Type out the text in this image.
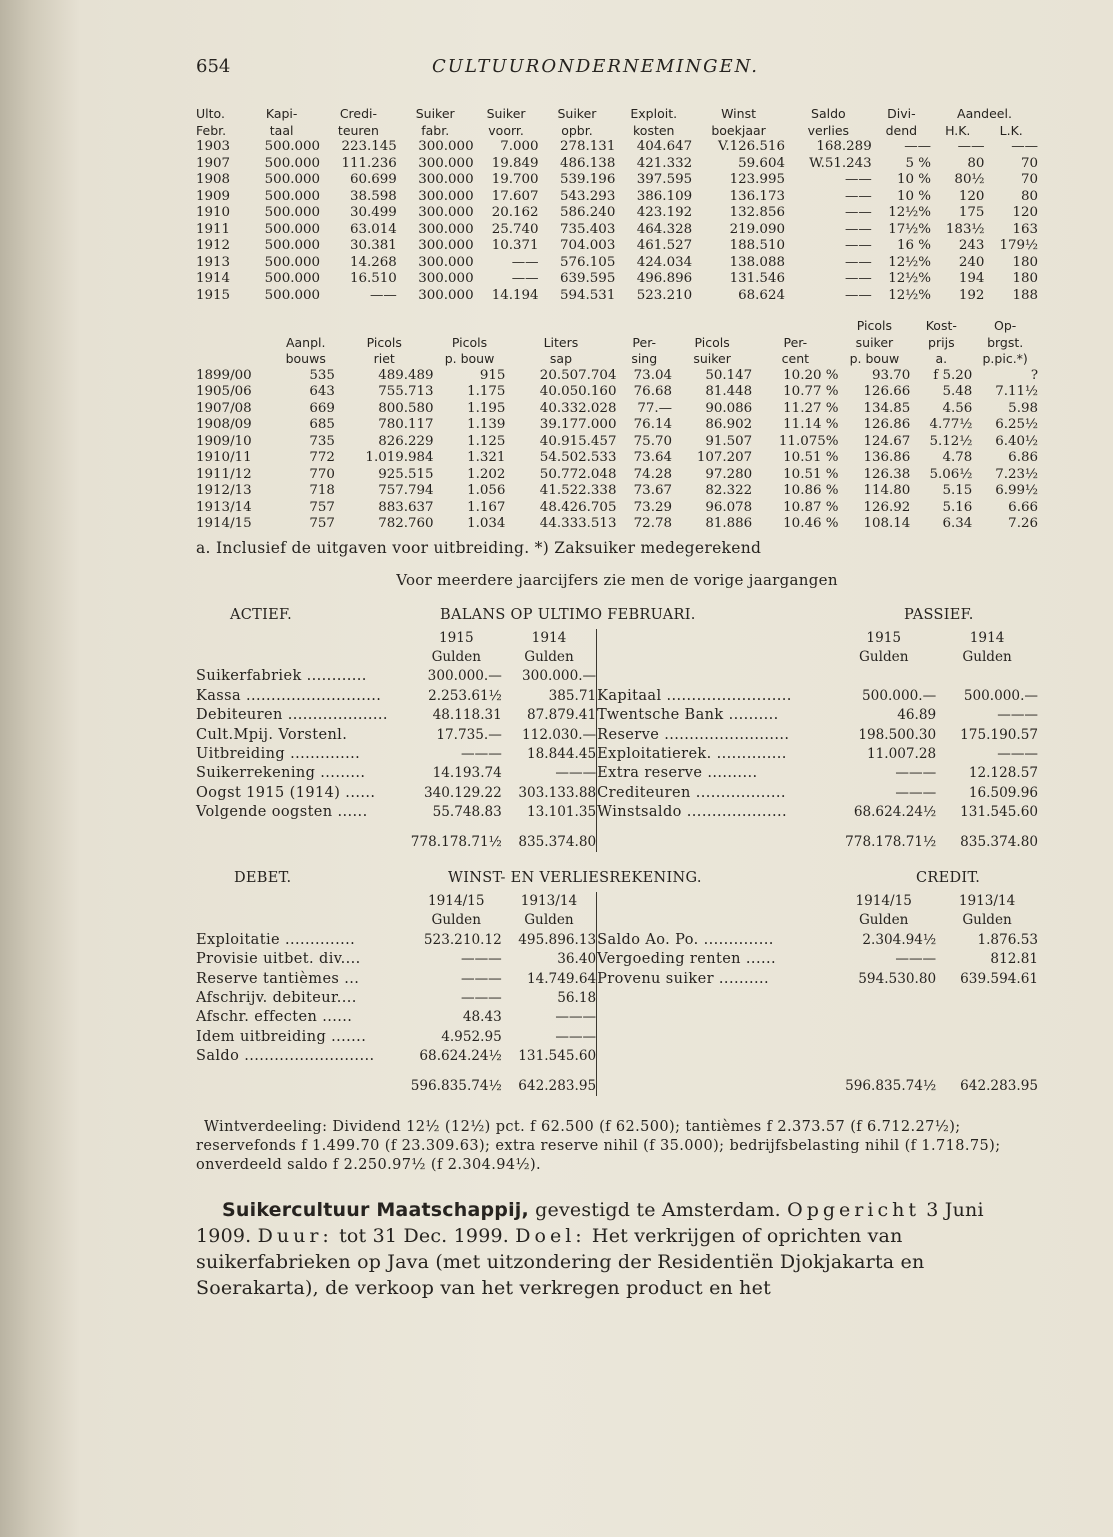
654	CULTUURONDERNEMINGEN.
Ulto.	Kapi-	Credi-	Suiker	Suiker	Suiker	Exploit.	Winst	Saldo	Divi-	Aandeel.	
Febr.	taal	teuren	fabr.	voorr.	opbr.	kosten	boekjaar	verlies	dend	H.K.	L.K.
1903	500.000	223.145	300.000	7.000	278.131	404.647	V.126.516	168.289	——	——	——
1907	500.000	111.236	300.000	19.849	486.138	421.332	59.604	W.51.243	5 %	80	70
1908	500.000	60.699	300.000	19.700	539.196	397.595	123.995	——	10 %	80½	70
1909	500.000	38.598	300.000	17.607	543.293	386.109	136.173	——	10 %	120	80
1910	500.000	30.499	300.000	20.162	586.240	423.192	132.856	——	12½%	175	120
1911	500.000	63.014	300.000	25.740	735.403	464.328	219.090	——	17½%	183½	163
1912	500.000	30.381	300.000	10.371	704.003	461.527	188.510	——	16 %	243	179½
1913	500.000	14.268	300.000	——	576.105	424.034	138.088	——	12½%	240	180
1914	500.000	16.510	300.000	——	639.595	496.896	131.546	——	12½%	194	180
1915	500.000	——	300.000	14.194	594.531	523.210	68.624	——	12½%	192	188
								Picols	Kost-	Op-
	Aanpl.	Picols	Picols	Liters	Per-	Picols	Per-	suiker	prijs	brgst.
	bouws	riet	p. bouw	sap	sing	suiker	cent	p. bouw	a.	p.pic.*)
1899/00	535	489.489	915	20.507.704	73.04	50.147	10.20 %	93.70	f 5.20	?
1905/06	643	755.713	1.175	40.050.160	76.68	81.448	10.77 %	126.66	5.48	7.11½
1907/08	669	800.580	1.195	40.332.028	77.—	90.086	11.27 %	134.85	4.56	5.98
1908/09	685	780.117	1.139	39.177.000	76.14	86.902	11.14 %	126.86	4.77½	6.25½
1909/10	735	826.229	1.125	40.915.457	75.70	91.507	11.075%	124.67	5.12½	6.40½
1910/11	772	1.019.984	1.321	54.502.533	73.64	107.207	10.51 %	136.86	4.78	6.86
1911/12	770	925.515	1.202	50.772.048	74.28	97.280	10.51 %	126.38	5.06½	7.23½
1912/13	718	757.794	1.056	41.522.338	73.67	82.322	10.86 %	114.80	5.15	6.99½
1913/14	757	883.637	1.167	48.426.705	73.29	96.078	10.87 %	126.92	5.16	6.66
1914/15	757	782.760	1.034	44.333.513	72.78	81.886	10.46 %	108.14	6.34	7.26
a. Inclusief de uitgaven voor uitbreiding. *) Zaksuiker medegerekend
Voor meerdere jaarcijfers zie men de vorige jaargangen
ACTIEF.	BALANS OP ULTIMO FEBRUARI.	PASSIEF.
	1915	1914		1915	1914
	Gulden	Gulden		Gulden	Gulden
Suikerfabriek ............	300.000.—	300.000.—			
Kassa ...........................	2.253.61½	385.71	Kapitaal .........................	500.000.—	500.000.—
Debiteuren ....................	48.118.31	87.879.41	Twentsche Bank ..........	46.89	———
Cult.Mpij. Vorstenl.	17.735.—	112.030.—	Reserve .........................	198.500.30	175.190.57
Uitbreiding ..............	———	18.844.45	Exploitatierek. ..............	11.007.28	———
Suikerrekening .........	14.193.74	———	Extra reserve ..........	———	12.128.57
Oogst 1915 (1914) ......	340.129.22	303.133.88	Crediteuren ..................	———	16.509.96
Volgende oogsten ......	55.748.83	13.101.35	Winstsaldo ....................	68.624.24½	131.545.60
	778.178.71½	835.374.80		778.178.71½	835.374.80
DEBET.	WINST- EN VERLIESREKENING.	CREDIT.
	1914/15	1913/14		1914/15	1913/14
	Gulden	Gulden		Gulden	Gulden
Exploitatie ..............	523.210.12	495.896.13	Saldo Ao. Po. ..............	2.304.94½	1.876.53
Provisie uitbet. div....	———	36.40	Vergoeding renten ......	———	812.81
Reserve tantièmes ...	———	14.749.64	Provenu suiker ..........	594.530.80	639.594.61
Afschrijv. debiteur....	———	56.18			
Afschr. effecten ......	48.43	———			
Idem uitbreiding .......	4.952.95	———			
Saldo ..........................	68.624.24½	131.545.60			
	596.835.74½	642.283.95		596.835.74½	642.283.95
Wintverdeeling: Dividend 12½ (12½) pct. f 62.500 (f 62.500); tantièmes f 2.373.57 (f 6.712.27½); reservefonds f 1.499.70 (f 23.309.63); extra reserve nihil (f 35.000); bedrijfsbelasting nihil (f 1.718.75); onverdeeld saldo f 2.250.97½ (f 2.304.94½).
Suikercultuur Maatschappij, gevestigd te Amsterdam. Opgericht 3 Juni 1909. Duur: tot 31 Dec. 1999. Doel: Het verkrijgen of oprichten van suikerfabrieken op Java (met uitzondering der Residentiën Djokjakarta en Soerakarta), de verkoop van het verkregen product en het
